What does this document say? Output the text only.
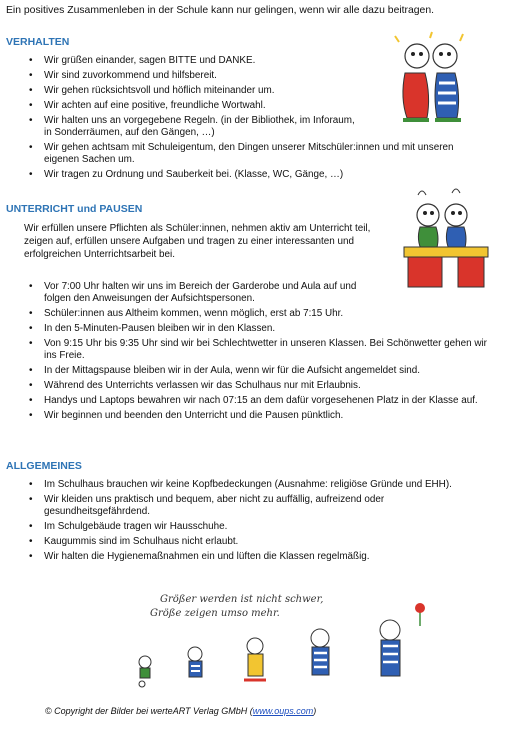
Ein positives Zusammenleben in der Schule kann nur gelingen, wenn wir alle dazu beitragen.
VERHALTEN
• Wir grüßen einander, sagen BITTE und DANKE.
• Wir sind zuvorkommend und hilfsbereit.
• Wir gehen rücksichtsvoll und höflich miteinander um.
• Wir achten auf eine positive, freundliche Wortwahl.
• Wir halten uns an vorgegebene Regeln. (in der Bibliothek, im Inforaum, in Sonderräumen, auf den Gängen, …)
• Wir gehen achtsam mit Schuleigentum, den Dingen unserer Mitschüler:innen und mit unseren eigenen Sachen um.
• Wir tragen zu Ordnung und Sauberkeit bei. (Klasse, WC, Gänge, …)
UNTERRICHT und PAUSEN
Wir erfüllen unsere Pflichten als Schüler:innen, nehmen aktiv am Unterricht teil, zeigen auf, erfüllen unsere Aufgaben und tragen zu einer interessanten und erfolgreichen Unterrichtsarbeit bei.
• Vor 7:00 Uhr halten wir uns im Bereich der Garderobe und Aula auf und folgen den Anweisungen der Aufsichtspersonen.
• Schüler:innen aus Altheim kommen, wenn möglich, erst ab 7:15 Uhr.
• In den 5-Minuten-Pausen bleiben wir in den Klassen.
• Von 9:15 Uhr bis 9:35 Uhr sind wir bei Schlechtwetter in unseren Klassen. Bei Schönwetter gehen wir ins Freie.
• In der Mittagspause bleiben wir in der Aula, wenn wir für die Aufsicht angemeldet sind.
• Während des Unterrichts verlassen wir das Schulhaus nur mit Erlaubnis.
• Handys und Laptops bewahren wir nach 07:15 an dem dafür vorgesehenen Platz in der Klasse auf.
• Wir beginnen und beenden den Unterricht und die Pausen pünktlich.
ALLGEMEINES
• Im Schulhaus brauchen wir keine Kopfbedeckungen (Ausnahme: religiöse Gründe und EHH).
• Wir kleiden uns praktisch und bequem, aber nicht zu auffällig, aufreizend oder gesundheitsgefährdend.
• Im Schulgebäude tragen wir Hausschuhe.
• Kaugummis sind im Schulhaus nicht erlaubt.
• Wir halten die Hygienemaßnahmen ein und lüften die Klassen regelmäßig.
Größer werden ist nicht schwer,
Größe zeigen umso mehr.
© Copyright der Bilder bei werteART Verlag GMbH (www.oups.com)
